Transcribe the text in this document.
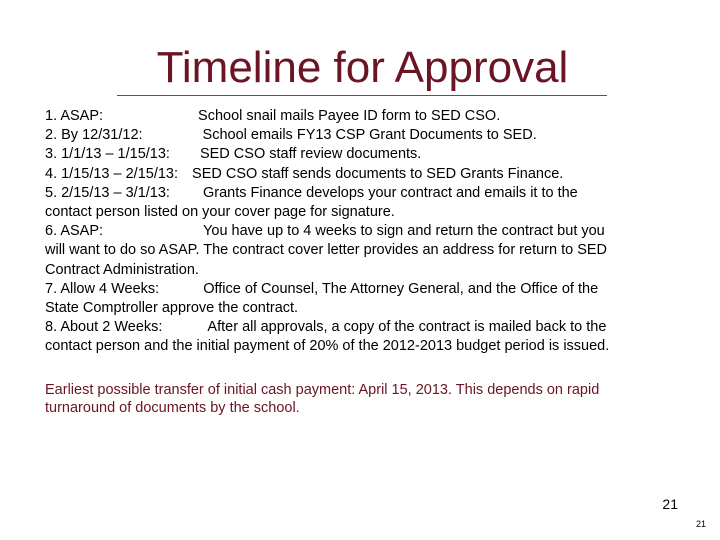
Timeline for Approval
1. ASAP:	School snail mails Payee ID form to SED CSO.
2. By 12/31/12:	School emails FY13 CSP Grant Documents to SED.
3. 1/1/13 – 1/15/13: SED CSO staff review documents.
4. 1/15/13 – 2/15/13: SED CSO staff sends documents to SED Grants Finance.
5. 2/15/13 – 3/1/13: Grants Finance develops your contract and emails it to the
contact person listed on your cover page for signature.
6. ASAP:	You have up to 4 weeks to sign and return the contract but you
will want to do so ASAP. The contract cover letter provides an address for return to SED
Contract Administration.
7. Allow 4 Weeks:	Office of Counsel, The Attorney General, and the Office of the
State Comptroller approve the contract.
8. About 2 Weeks:	After all approvals, a copy of the contract is mailed back to the
contact person and the initial payment of 20% of the 2012-2013 budget period is issued.
Earliest possible transfer of initial cash payment: April 15, 2013. This depends on rapid
turnaround of documents by the school.
21
21
